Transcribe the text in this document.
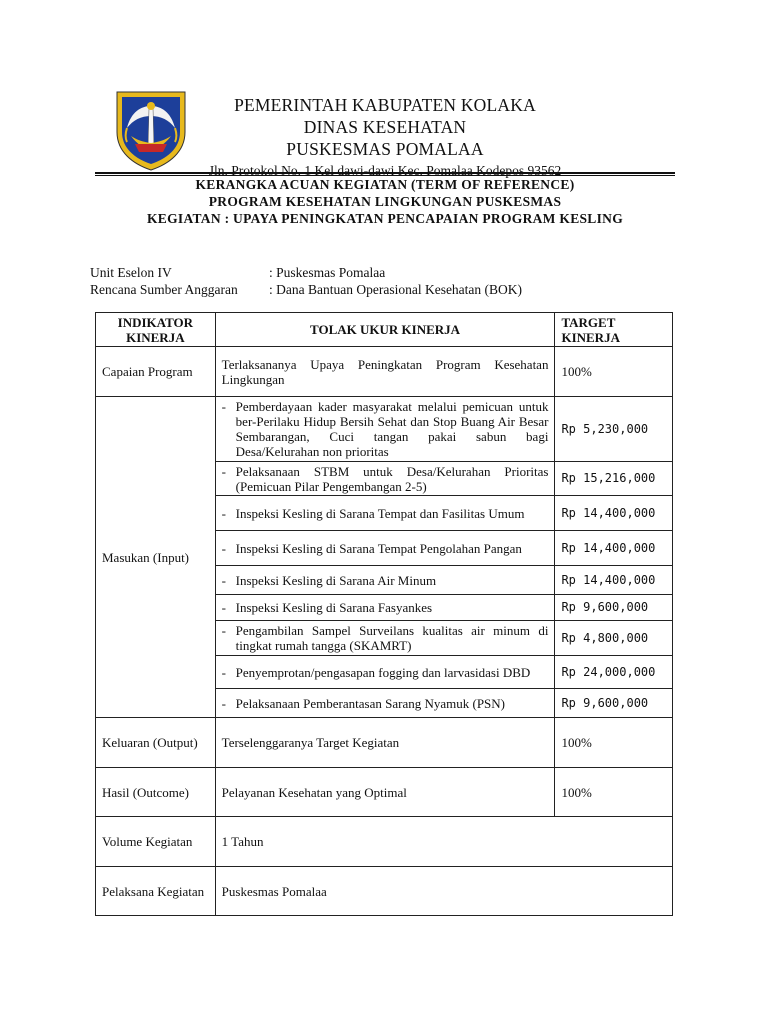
PEMERINTAH KABUPATEN KOLAKA
DINAS KESEHATAN
PUSKESMAS POMALAA
Jln. Protokol No. 1 Kel dawi-dawi Kec. Pomalaa Kodepos 93562
KERANGKA ACUAN KEGIATAN (TERM OF REFERENCE)
PROGRAM KESEHATAN LINGKUNGAN PUSKESMAS
KEGIATAN : UPAYA PENINGKATAN PENCAPAIAN PROGRAM KESLING
Unit Eselon IV	: Puskesmas Pomalaa
Rencana Sumber Anggaran : Dana Bantuan Operasional Kesehatan (BOK)
INDIKATOR KINERJA	TOLAK UKUR KINERJA	TARGET KINERJA
Capaian Program	Terlaksananya Upaya Peningkatan Program Kesehatan Lingkungan	100%
Masukan (Input)	- Pemberdayaan kader masyarakat melalui pemicuan untuk ber-Perilaku Hidup Bersih Sehat dan Stop Buang Air Besar Sembarangan, Cuci tangan pakai sabun bagi Desa/Kelurahan non prioritas	Rp 5,230,000

	- Pelaksanaan STBM untuk Desa/Kelurahan Prioritas (Pemicuan Pilar Pengembangan 2-5)	Rp 15,216,000

	- Inspeksi Kesling di Sarana Tempat dan Fasilitas Umum	Rp 14,400,000

	- Inspeksi Kesling di Sarana Tempat Pengolahan Pangan	Rp 14,400,000

	- Inspeksi Kesling di Sarana Air Minum	Rp 14,400,000

	- Inspeksi Kesling di Sarana Fasyankes	Rp 9,600,000

	- Pengambilan Sampel Surveilans kualitas air minum di tingkat rumah tangga (SKAMRT)	Rp 4,800,000

	- Penyemprotan/pengasapan fogging dan larvasidasi DBD	Rp 24,000,000

	- Pelaksanaan Pemberantasan Sarang Nyamuk (PSN)	Rp 9,600,000
Keluaran (Output)	Terselenggaranya Target Kegiatan	100%
Hasil (Outcome)	Pelayanan Kesehatan yang Optimal	100%
Volume Kegiatan	1 Tahun	
Pelaksana Kegiatan	Puskesmas Pomalaa	
